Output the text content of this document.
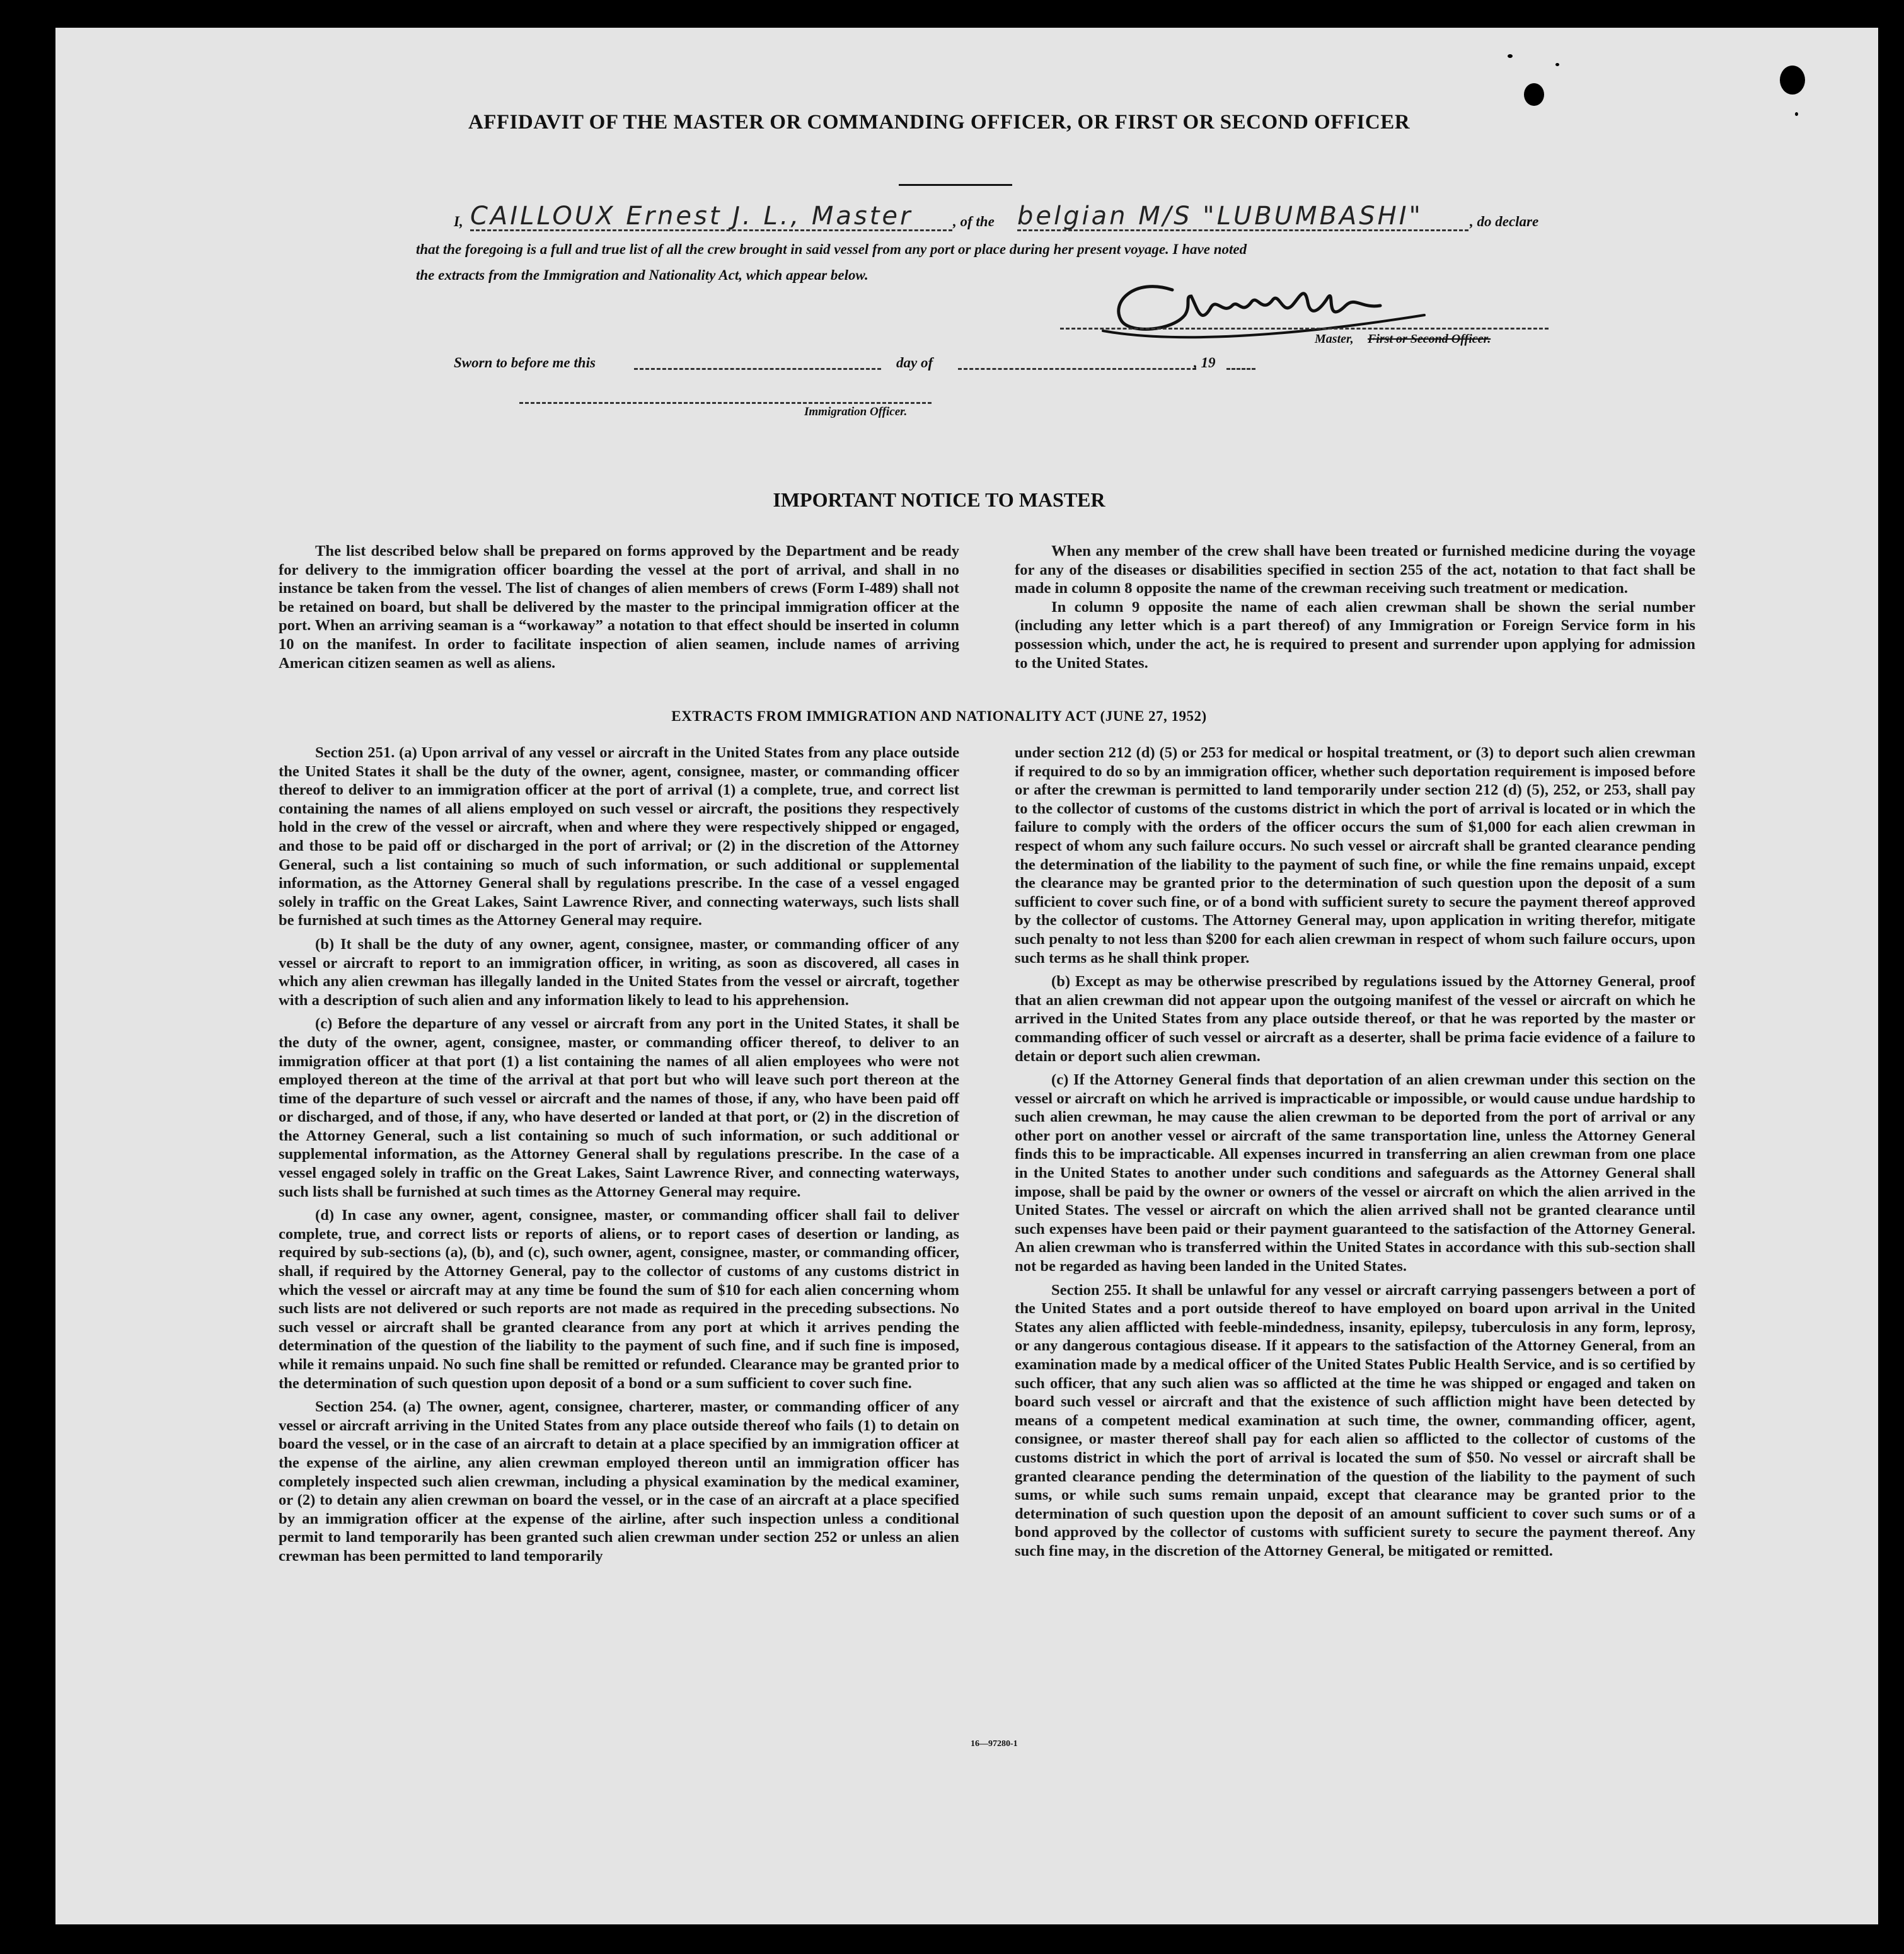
AFFIDAVIT OF THE MASTER OR COMMANDING OFFICER, OR FIRST OR SECOND OFFICER
I, CAILLOUX Ernest J. L., Master	, of the belgian M/S "LUBUMBASHI"	, do declare
that the foregoing is a full and true list of all the crew brought in said vessel from any port or place during her present voyage. I have noted
the extracts from the Immigration and Nationality Act, which appear below.	Cailloux
Master, First or Second Officer.
Sworn to before me this	day of	, 19
Immigration Officer.
IMPORTANT NOTICE TO MASTER

The list described below shall be prepared on forms approved by the Department and be ready for delivery to the immigration officer boarding the vessel at the port of arrival, and shall in no instance be taken from the vessel. The list of changes of alien members of crews (Form I-489) shall not be retained on board, but shall be delivered by the master to the principal immigration officer at the port. When an arriving seaman is a “workaway” a notation to that effect should be inserted in column 10 on the manifest. In order to facilitate inspection of alien seamen, include names of arriving American citizen seamen as well as aliens.

When any member of the crew shall have been treated or furnished medicine during the voyage for any of the diseases or disabilities specified in section 255 of the act, notation to that fact shall be made in column 8 opposite the name of the crewman receiving such treatment or medication.

In column 9 opposite the name of each alien crewman shall be shown the serial number (including any letter which is a part thereof) of any Immigration or Foreign Service form in his possession which, under the act, he is required to present and surrender upon applying for admission to the United States.

EXTRACTS FROM IMMIGRATION AND NATIONALITY ACT (JUNE 27, 1952)

Section 251. (a) Upon arrival of any vessel or aircraft in the United States from any place outside the United States it shall be the duty of the owner, agent, consignee, master, or commanding officer thereof to deliver to an immigration officer at the port of arrival (1) a complete, true, and correct list containing the names of all aliens employed on such vessel or aircraft, the positions they respectively hold in the crew of the vessel or aircraft, when and where they were respectively shipped or engaged, and those to be paid off or discharged in the port of arrival; or (2) in the discretion of the Attorney General, such a list containing so much of such information, or such additional or supplemental information, as the Attorney General shall by regulations prescribe. In the case of a vessel engaged solely in traffic on the Great Lakes, Saint Lawrence River, and connecting waterways, such lists shall be furnished at such times as the Attorney General may require.

(b) It shall be the duty of any owner, agent, consignee, master, or commanding officer of any vessel or aircraft to report to an immigration officer, in writing, as soon as discovered, all cases in which any alien crewman has illegally landed in the United States from the vessel or aircraft, together with a description of such alien and any information likely to lead to his apprehension.

(c) Before the departure of any vessel or aircraft from any port in the United States, it shall be the duty of the owner, agent, consignee, master, or commanding officer thereof, to deliver to an immigration officer at that port (1) a list containing the names of all alien employees who were not employed thereon at the time of the arrival at that port but who will leave such port thereon at the time of the departure of such vessel or aircraft and the names of those, if any, who have been paid off or discharged, and of those, if any, who have deserted or landed at that port, or (2) in the discretion of the Attorney General, such a list containing so much of such information, or such additional or supplemental information, as the Attorney General shall by regulations prescribe. In the case of a vessel engaged solely in traffic on the Great Lakes, Saint Lawrence River, and connecting waterways, such lists shall be furnished at such times as the Attorney General may require.

(d) In case any owner, agent, consignee, master, or commanding officer shall fail to deliver complete, true, and correct lists or reports of aliens, or to report cases of desertion or landing, as required by sub-sections (a), (b), and (c), such owner, agent, consignee, master, or commanding officer, shall, if required by the Attorney General, pay to the collector of customs of any customs district in which the vessel or aircraft may at any time be found the sum of $10 for each alien concerning whom such lists are not delivered or such reports are not made as required in the preceding subsections. No such vessel or aircraft shall be granted clearance from any port at which it arrives pending the determination of the question of the liability to the payment of such fine, and if such fine is imposed, while it remains unpaid. No such fine shall be remitted or refunded. Clearance may be granted prior to the determination of such question upon deposit of a bond or a sum sufficient to cover such fine.

Section 254. (a) The owner, agent, consignee, charterer, master, or commanding officer of any vessel or aircraft arriving in the United States from any place outside thereof who fails (1) to detain on board the vessel, or in the case of an aircraft to detain at a place specified by an immigration officer at the expense of the airline, any alien crewman employed thereon until an immigration officer has completely inspected such alien crewman, including a physical examination by the medical examiner, or (2) to detain any alien crewman on board the vessel, or in the case of an aircraft at a place specified by an immigration officer at the expense of the airline, after such inspection unless a conditional permit to land temporarily has been granted such alien crewman under section 252 or unless an alien crewman has been permitted to land temporarily

under section 212 (d) (5) or 253 for medical or hospital treatment, or (3) to deport such alien crewman if required to do so by an immigration officer, whether such deportation requirement is imposed before or after the crewman is permitted to land temporarily under section 212 (d) (5), 252, or 253, shall pay to the collector of customs of the customs district in which the port of arrival is located or in which the failure to comply with the orders of the officer occurs the sum of $1,000 for each alien crewman in respect of whom any such failure occurs. No such vessel or aircraft shall be granted clearance pending the determination of the liability to the payment of such fine, or while the fine remains unpaid, except the clearance may be granted prior to the determination of such question upon the deposit of a sum sufficient to cover such fine, or of a bond with sufficient surety to secure the payment thereof approved by the collector of customs. The Attorney General may, upon application in writing therefor, mitigate such penalty to not less than $200 for each alien crewman in respect of whom such failure occurs, upon such terms as he shall think proper.

(b) Except as may be otherwise prescribed by regulations issued by the Attorney General, proof that an alien crewman did not appear upon the outgoing manifest of the vessel or aircraft on which he arrived in the United States from any place outside thereof, or that he was reported by the master or commanding officer of such vessel or aircraft as a deserter, shall be prima facie evidence of a failure to detain or deport such alien crewman.

(c) If the Attorney General finds that deportation of an alien crewman under this section on the vessel or aircraft on which he arrived is impracticable or impossible, or would cause undue hardship to such alien crewman, he may cause the alien crewman to be deported from the port of arrival or any other port on another vessel or aircraft of the same transportation line, unless the Attorney General finds this to be impracticable. All expenses incurred in transferring an alien crewman from one place in the United States to another under such conditions and safeguards as the Attorney General shall impose, shall be paid by the owner or owners of the vessel or aircraft on which the alien arrived in the United States. The vessel or aircraft on which the alien arrived shall not be granted clearance until such expenses have been paid or their payment guaranteed to the satisfaction of the Attorney General. An alien crewman who is transferred within the United States in accordance with this sub-section shall not be regarded as having been landed in the United States.

Section 255. It shall be unlawful for any vessel or aircraft carrying passengers between a port of the United States and a port outside thereof to have employed on board upon arrival in the United States any alien afflicted with feeble-mindedness, insanity, epilepsy, tuberculosis in any form, leprosy, or any dangerous contagious disease. If it appears to the satisfaction of the Attorney General, from an examination made by a medical officer of the United States Public Health Service, and is so certified by such officer, that any such alien was so afflicted at the time he was shipped or engaged and taken on board such vessel or aircraft and that the existence of such affliction might have been detected by means of a competent medical examination at such time, the owner, commanding officer, agent, consignee, or master thereof shall pay for each alien so afflicted to the collector of customs of the customs district in which the port of arrival is located the sum of $50. No vessel or aircraft shall be granted clearance pending the determination of the question of the liability to the payment of such sums, or while such sums remain unpaid, except that clearance may be granted prior to the determination of such question upon the deposit of an amount sufficient to cover such sums or of a bond approved by the collector of customs with sufficient surety to secure the payment thereof. Any such fine may, in the discretion of the Attorney General, be mitigated or remitted.

16—97280-1
